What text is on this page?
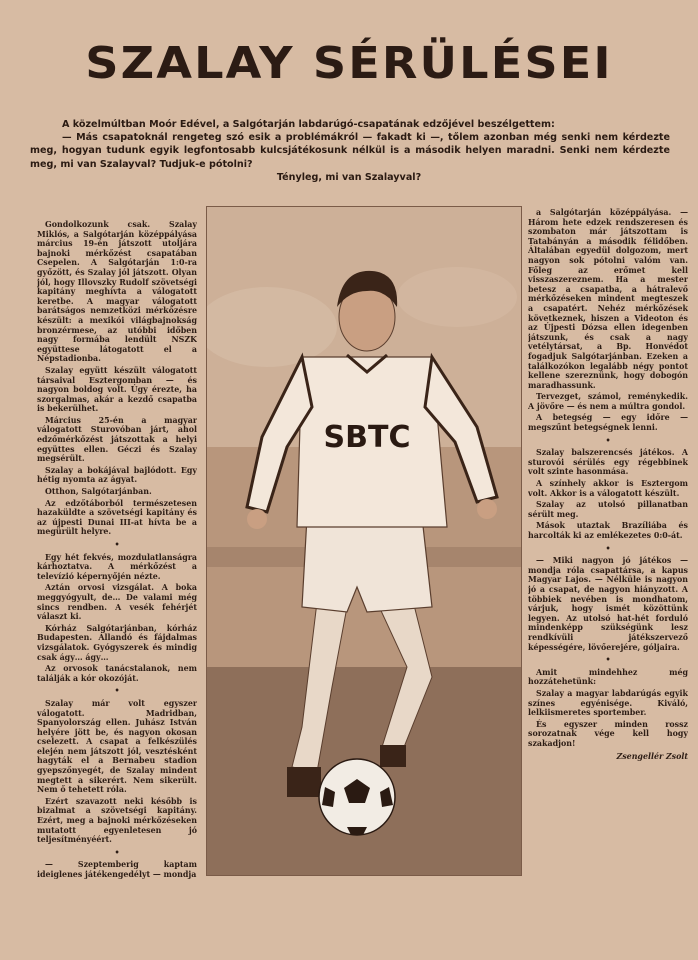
SZALAY SÉRÜLÉSEI

A közelmúltban Moór Edével, a Salgótarján labdarúgó-csapatának edzőjével beszélgettem:

— Más csapatoknál rengeteg szó esik a problémákról — fakadt ki —, tőlem azonban még senki nem kérdezte meg, hogyan tudunk egyik legfontosabb kulcsjátékosunk nélkül is a második helyen maradni. Senki nem kérdezte meg, mi van Szalayval? Tudjuk-e pótolni?

Tényleg, mi van Szalayval?

Gondolkozunk csak. Szalay Miklós, a Salgótarján középpályása március 19-én játszott utoljára bajnoki mérkőzést csapatában Csepelen. A Salgótarján 1:0-ra győzött, és Szalay jól játszott. Olyan jól, hogy Illovszky Rudolf szövetségi kapitány meghívta a válogatott keretbe. A magyar válogatott barátságos nemzetközi mérkőzésre készült: a mexikói világbajnokság bronzérmese, az utóbbi időben nagy formába lendült NSZK együttese látogatott el a Népstadionba.

Szalay együtt készült válogatott társaival Esztergomban — és nagyon boldog volt. Úgy érezte, ha szorgalmas, akár a kezdő csapatba is bekerülhet.

Március 25-én a magyar válogatott Sturovóban járt, ahol edzőmérkőzést játszottak a helyi együttes ellen. Géczi és Szalay megsérült.

Szalay a bokájával bajlódott. Egy hétig nyomta az ágyat.

Otthon, Salgótarjánban.

Az edzőtáborból természetesen hazaküldte a szövetségi kapitány és az újpesti Dunai III-at hívta be a megürült helyre.

•

Egy hét fekvés, mozdulatlanságra kárhoztatva. A mérkőzést a televízió képernyőjén nézte.

Aztán orvosi vizsgálat. A boka meggyógyult, de… De valami még sincs rendben. A vesék fehérjét választ ki.

Kórház Salgótarjánban, kórház Budapesten. Állandó és fájdalmas vizsgálatok. Gyógyszerek és mindig csak ágy… ágy…

Az orvosok tanácstalanok, nem találják a kór okozóját.

•

Szalay már volt egyszer válogatott. Madridban, Spanyolország ellen. Juhász István helyére jött be, és nagyon okosan cselezett. A csapat a felkészülés elején nem játszott jól, vesztésként hagyták el a Bernabeu stadion gyepszőnyegét, de Szalay mindent megtett a sikerért. Nem sikerült. Nem ő tehetett róla.

Ezért szavazott neki később is bizalmat a szövetségi kapitány. Ezért, meg a bajnoki mérkőzéseken mutatott egyenletesen jó teljesítményéért.

•

— Szeptemberig kaptam ideiglenes játékengedélyt — mondja

SBTC

a Salgótarján középpályása. — Három hete edzek rendszeresen és szombaton már játszottam is Tatabányán a második félidőben. Általában egyedül dolgozom, mert nagyon sok pótolni valóm van. Főleg az erőmet kell visszaszereznem. Ha a mester betesz a csapatba, a hátralevő mérkőzéseken mindent megteszek a csapatért. Nehéz mérkőzések következnek, hiszen a Videoton és az Újpesti Dózsa ellen idegenben játszunk, és csak a nagy vetélytársat, a Bp. Honvédot fogadjuk Salgótarjánban. Ezeken a találkozókon legalább négy pontot kellene szereznünk, hogy dobogón maradhassunk.

Tervezget, számol, reménykedik. A jövőre — és nem a múltra gondol.

A betegség — egy időre — megszűnt betegségnek lenni.

•

Szalay balszerencsés játékos. A sturovói sérülés egy régebbinek volt szinte hasonmása.

A színhely akkor is Esztergom volt. Akkor is a válogatott készült.

Szalay az utolsó pillanatban sérült meg.

Mások utaztak Brazíliába és harcolták ki az emlékezetes 0:0-át.

•

— Miki nagyon jó játékos — mondja róla csapattársa, a kapus Magyar Lajos. — Nélküle is nagyon jó a csapat, de nagyon hiányzott. A többiek nevében is mondhatom, várjuk, hogy ismét közöttünk legyen. Az utolsó hat-hét forduló mindenképp szükségünk lesz rendkívüli játékszervező képességére, lövőerejére, góljaira.

•

Amit mindehhez még hozzátehetünk:

Szalay a magyar labdarúgás egyik színes egyénisége. Kiváló, lelkiismeretes sportember.

És egyszer minden rossz sorozatnak vége kell hogy szakadjon!

Zsengellér Zsolt
